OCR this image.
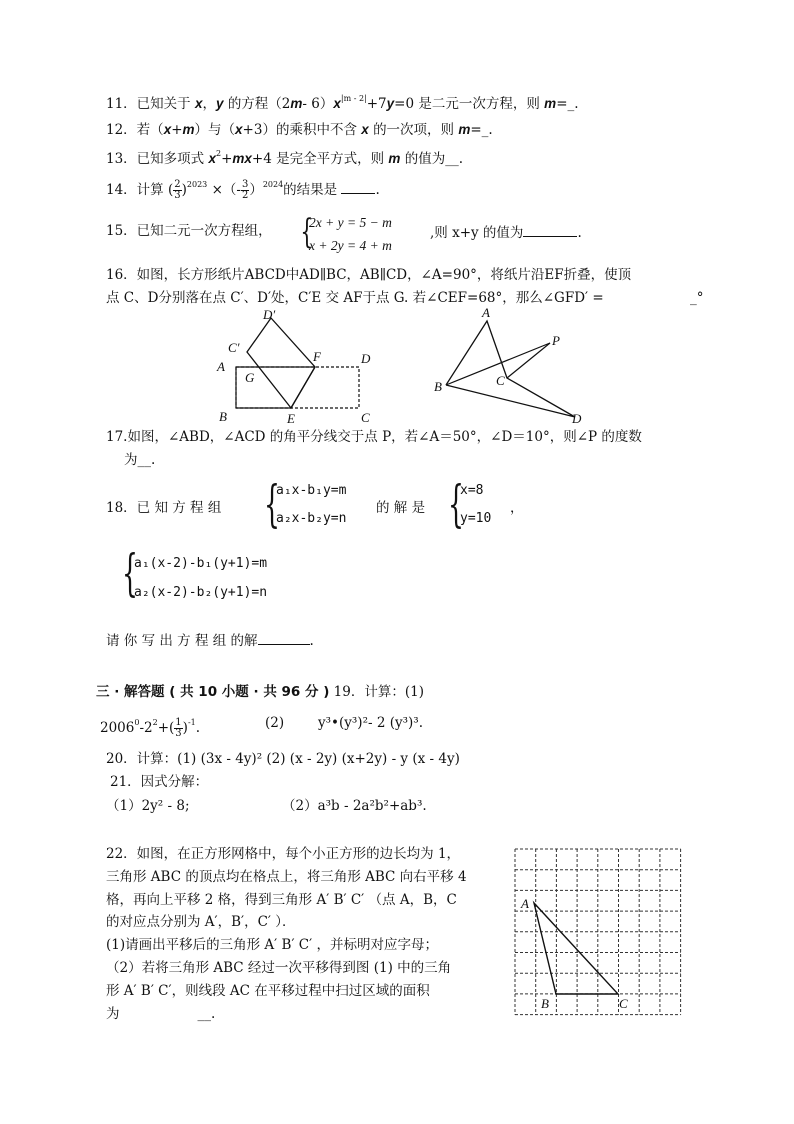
11．已知关于 x，y 的方程（2m- $6)x^{|m - 2|}+7y=0$ 是二元一次方程，则 m=_.
12．若（x+m）与（x+3）的乘积中不含 x 的一次项，则 m=_.
13．已知多项式 $x^2+mx+4$ 是完全平方式，则 m 的值为__.
14．计算 ( $\frac{2}{3} )^{2023}$ ×（- $\frac{3}{2} )^{2024}$的结果是	.
15．已知二元一次方程组， {
2x + y = 5 − m
x + 2y = 4 + m
,则 x+y 的值为	.
16．如图，长方形纸片ABCD中AD∥BC，AB∥CD，∠A=90°，将纸片沿EF折叠，使顶
点 C、D分别落在点 C′、D′处，C′E 交 AF于点 G. 若∠CEF=68°，那么∠GFD′ =	_°
D′
C′
A
G
F	D
B	E	C
A
P
B	C
D
17.如图，∠ABD，∠ACD 的角平分线交于点 P，若∠A＝50°，∠D＝10°，则∠P 的度数
为__.
18．已 知 方 程 组 {
a₁x-b₁y=m
a₂x-b₂y=n
的 解 是 {
x=8
y=10
，
{
a₁(x-2)-b₁(y+1)=m
a₂(x-2)-b₂(y+1)=n
请 你 写 出 方 程 组 的解	.
三 · 解答题 ( 共 10 小题 · 共 96 分 ) 19．计算：(1)
$2006^0-2^2+( \frac{1}{3} )^{-1}$.	(2)	y³•(y³)²- 2 (y³)³.
20．计算：(1) (3x - 4y)² (2) (x - 2y) (x+2y) - y (x - 4y)
21．因式分解：
（1）2y² - 8;	（2）a³b - 2a²b²+ab³.
22．如图，在正方形网格中，每个小正方形的边长均为 1，
三角形 ABC 的顶点均在格点上，将三角形 ABC 向右平移 4
格，再向上平移 2 格，得到三角形 A′ B′ C′ （点 A，B，C
的对应点分别为 A′，B′，C′ ）．
(1)请画出平移后的三角形 A′ B′ C′ ，并标明对应字母；
（2）若将三角形 ABC 经过一次平移得到图 (1) 中的三角
形 A′ B′ C′，则线段 AC 在平移过程中扫过区域的面积
为	__.
A
B	C
